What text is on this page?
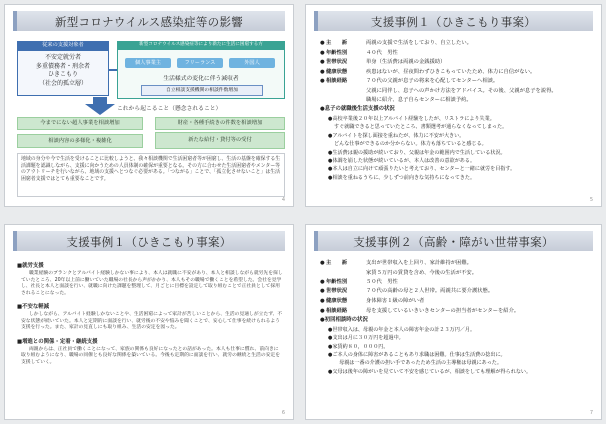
新型コロナウイルス感染症等の影響
従来の支援対象者
不安定就労者
多重債務者・刑余者
ひきこもり
（社会的孤立層）
新型コロナウイルス感染症等により新たに生活に困窮する方
個人事業主	フリーランス	外国人
生活様式の変化に伴う減収者
自立相談支援機関の相談件数増加
これから起こること（懸念されること）
今までにない超人事業を相談増加	財産・各種手続きの件数を相談増加
相談内容の多様化・複雑化	新たな給付・貸付等の受付
地域の身分や今で生活を受けることに比較しようと、我々相談機関で生活困窮者等が困窮し、生活の基盤を確保する生活課題を認識しながら、支援に向かうための人員体制の確保が重要となる。その方に合わせた生活困窮者やメンター等のアウトリーチを行いながら、地域の支援へとつなぐ必要がある。「つながる」ことで、「孤立化させないこと」は生活困窮者支援ではとても重要なことです。
4
支援事例１（ひきこもり事案）
● 主　　訴	両親の支援で生活をしており、自立したい。
● 年齢性別	４０代　男性
● 世帯状況	単身（生活費は両親の金銭援助）
● 健康状態	疾患はないが、昼夜問わずひきこもっていたため、体力に自信がない。
● 相談経路	７０代の父親が息子の将来を心配してセンターへ相談。
父親に同伴し、息子への声かけ方法をアドバイス。その後、父親が息子を説得。
職場に紹介、息子自らセンターに相談予約。
●息子の就職後生活支援の状況
●高校卒業後２０年以上アルバイト経験をしたが、リストラにより失業。
すぐ就職できると思っていたところ、書類選考が通らなくなってしまった。
●アルバイトを探し面接を重ねたが、体力に不安が大きい。
どんな仕事ができるのか分からない。体力も落ちていると感じる。
●生活費は親の援助が続いており、父親は年金の範囲内で生活している状況。
●体調を崩した状態が続いているが、本人は改善の意欲がある。
●本人は自立に向けて頑張りたいと考えており、センターと一緒に就労を目指す。
●相談を重ねるうちに、少しずつ前向きな気持ちになってきた。
5
支援事例１（ひきこもり事案）
■就労支援
職業経験のブランクとアルバイト経験しかない事により、本人は就職に不安があり、本人と相談しながら就労先を探していたところ、20年以上前に働いていた職場の社長から声がかかり、本人もその職場で働くことを希望した。会社を見学し、社長と本人と面談を行い、就職に向けた課題を整理して、月ごとに目標を設定して取り組むことで正社員として採用されることになった。
■不安な軽減
しかしながら、アルバイト経験しかないことや、生活困窮によって家計が苦しいことから、生活の見通しが立たず、不安な状態が続いていた。本人と定期的に面談を行い、就労後の不安や悩みを聞くことで、安心して仕事を続けられるよう支援を行った。また、家計の見直しにも取り組み、生活の安定を図った。
■増進との関係・定着・継続支援
両親からは、正社員で働くことになって、家族の関係も良好になったとの話があった。本人も仕事に慣れ、前向きに取り組むようになり、職場の同僚とも良好な関係を築いている。今後も定期的に面談を行い、就労の継続と生活の安定を支援していく。
6
支援事例２（高齢・障がい世帯事案）
● 主　　訴	支出が世帯収入を上回り、家計維持が困難。
家賃５万円の賃貸を含め、今後の生活が不安。
● 年齢性別	５０代　男性
● 世帯状況	７０代の高齢の母と２人世帯。両親共に要介護状態。
● 健康状態	身体障害１級の障がい者
● 相談経路	母を支援しているいきいきセンターの担当者がセンターを紹介。
●初回相談時の状況
●世帯収入は、母親の年金と本人の障害年金の計２３万円／月。
●支出は月に３０万円を超過中。
●家賃約８０，０００円。
●ご本人の身体に障害があることもあり求職は困難。仕事は生活費の捻出に。
　母親は一番の介護の担い手であったため生活の主導権は母親にあった。
●父母は後年の障がいを見ていて不安を感じているが、相談をしても理解が得られない。
7
